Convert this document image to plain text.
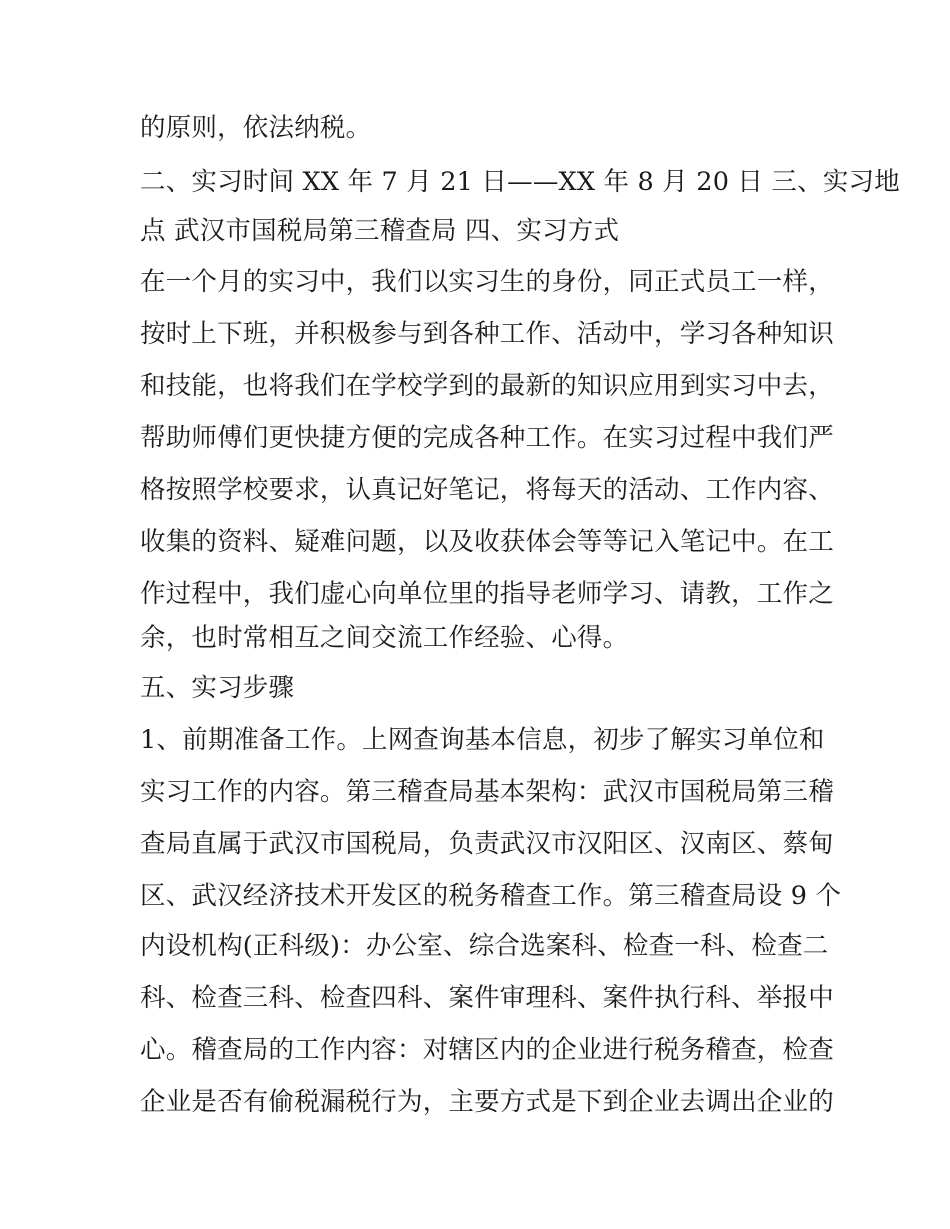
的原则，依法纳税。
二、实习时间 XX 年 7 月 21 日——XX 年 8 月 20 日 三、实习地
点 武汉市国税局第三稽查局 四、实习方式
在一个月的实习中，我们以实习生的身份，同正式员工一样，
按时上下班，并积极参与到各种工作、活动中，学习各种知识
和技能，也将我们在学校学到的最新的知识应用到实习中去，
帮助师傅们更快捷方便的完成各种工作。在实习过程中我们严
格按照学校要求，认真记好笔记，将每天的活动、工作内容、
收集的资料、疑难问题，以及收获体会等等记入笔记中。在工
作过程中，我们虚心向单位里的指导老师学习、请教，工作之
余，也时常相互之间交流工作经验、心得。
五、实习步骤
1、前期准备工作。上网查询基本信息，初步了解实习单位和
实习工作的内容。第三稽查局基本架构：武汉市国税局第三稽
查局直属于武汉市国税局，负责武汉市汉阳区、汉南区、蔡甸
区、武汉经济技术开发区的税务稽查工作。第三稽查局设 9 个
内设机构(正科级)：办公室、综合选案科、检查一科、检查二
科、检查三科、检查四科、案件审理科、案件执行科、举报中
心。稽查局的工作内容：对辖区内的企业进行税务稽查，检查
企业是否有偷税漏税行为，主要方式是下到企业去调出企业的
